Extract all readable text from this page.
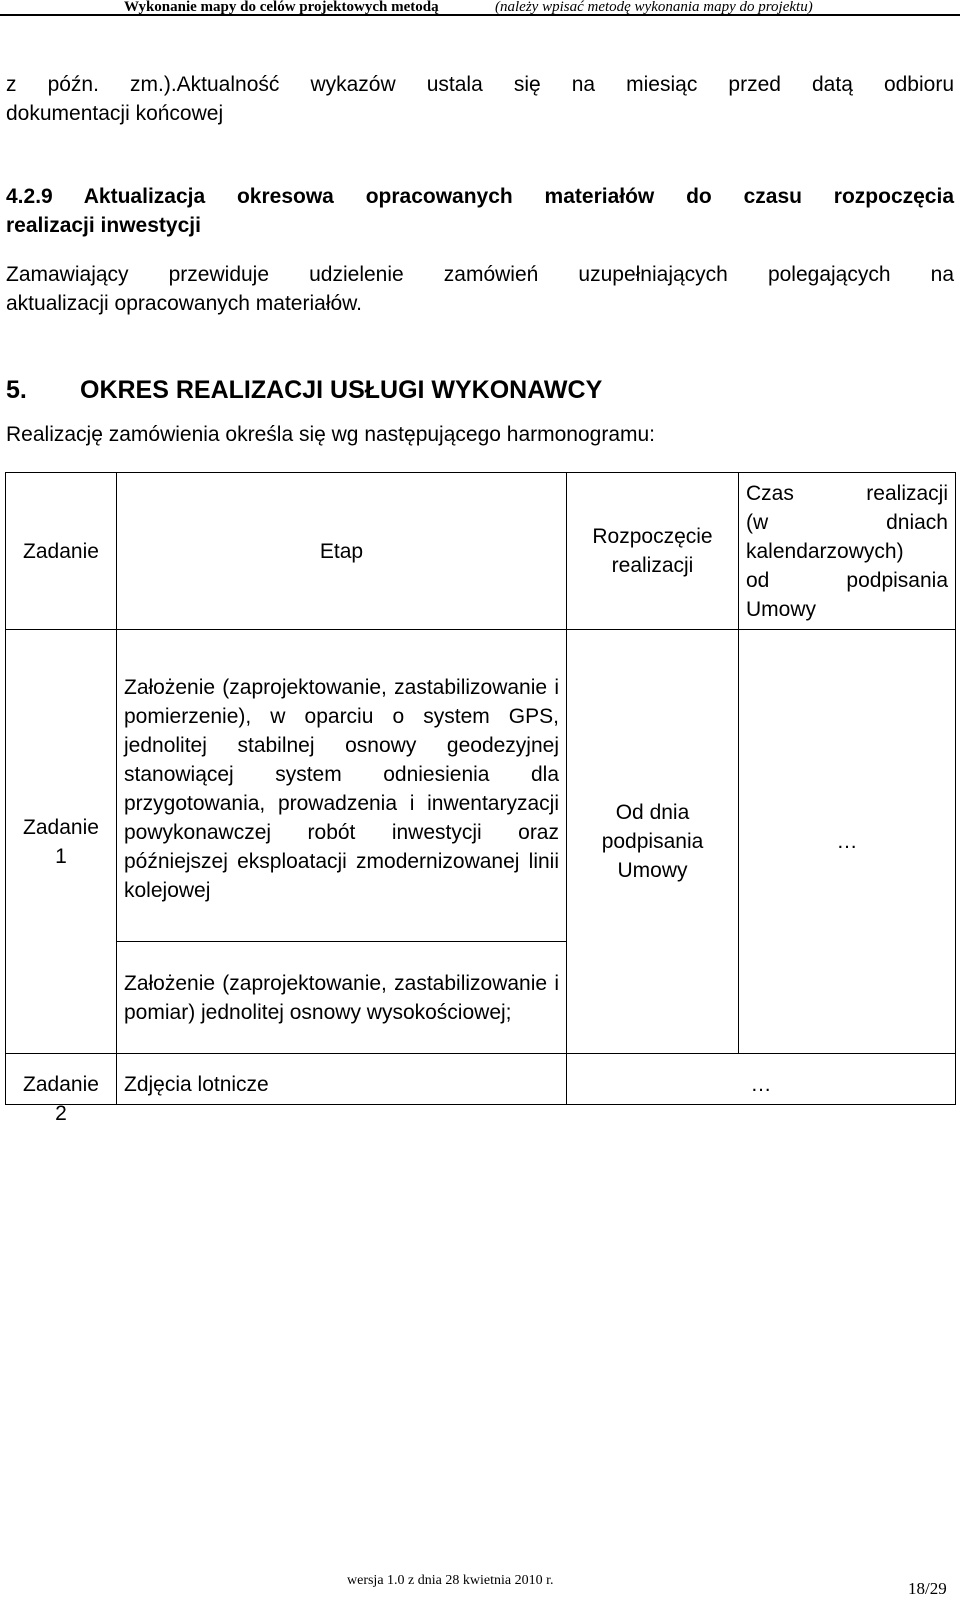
Wykonanie mapy do celów projektowych metodą	(należy wpisać metodę wykonania mapy do projektu)
z późn. zm.).Aktualność wykazów ustala się na miesiąc przed datą odbioru
dokumentacji końcowej
4.2.9 Aktualizacja okresowa opracowanych materiałów do czasu rozpoczęcia
realizacji inwestycji
Zamawiający przewiduje udzielenie zamówień uzupełniających polegających na
aktualizacji opracowanych materiałów.
5. OKRES REALIZACJI USŁUGI WYKONAWCY
Realizację zamówienia określa się wg następującego harmonogramu:
Zadanie	Etap	Rozpoczęcie realizacji	Czas realizacji
(w dniach
kalendarzowych)
od podpisania
Umowy

Zadanie
1	Założenie (zaprojektowanie, zastabilizowanie i pomierzenie), w oparciu o system GPS, jednolitej stabilnej osnowy geodezyjnej stanowiącej system odniesienia dla przygotowania, prowadzenia i inwentaryzacji powykonawczej robót inwestycji oraz późniejszej eksploatacji zmodernizowanej linii kolejowej	Od dnia podpisania Umowy	…
	Założenie (zaprojektowanie, zastabilizowanie i pomiar) jednolitej osnowy wysokościowej;		

Zadanie
2	Zdjęcia lotnicze	…	
wersja 1.0 z dnia 28 kwietnia 2010 r.	18/29
